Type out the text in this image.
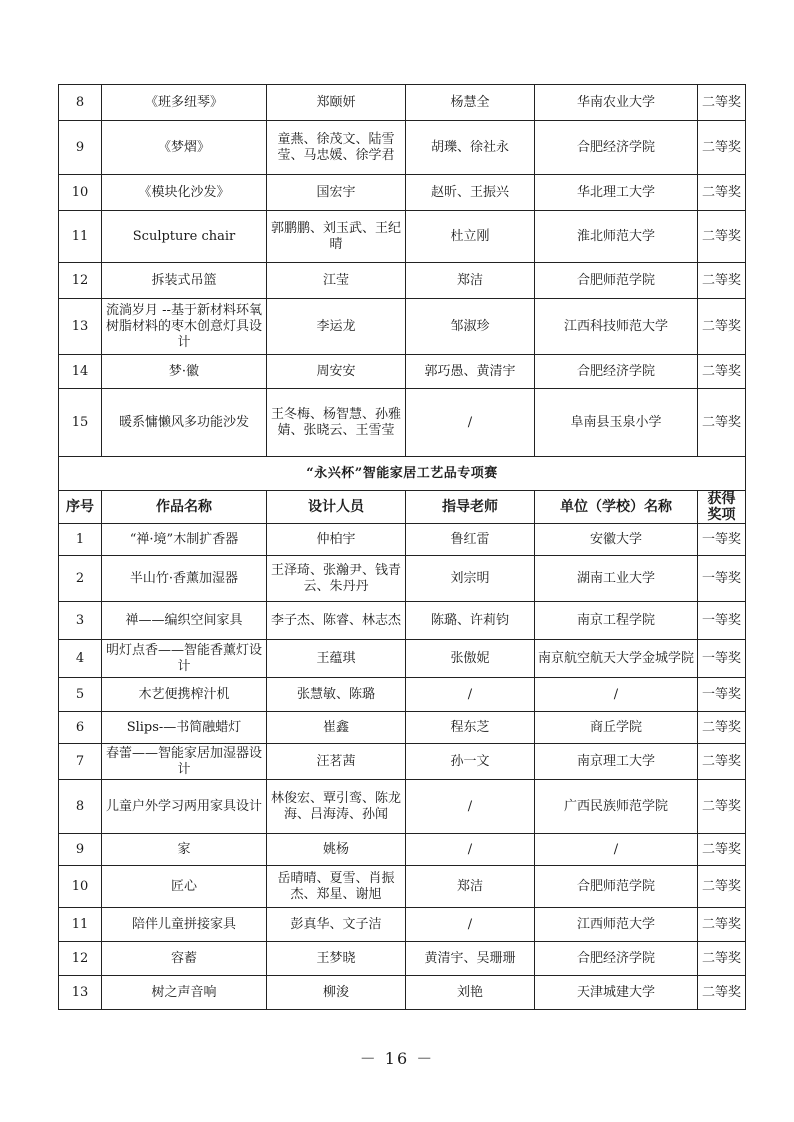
8	《班多纽琴》	郑颐妍	杨慧全	华南农业大学	二等奖
9	《梦熠》	童燕、徐茂文、陆雪莹、马忠媛、徐学君	胡瓅、徐社永	合肥经济学院	二等奖
10	《模块化沙发》	国宏宇	赵昕、王振兴	华北理工大学	二等奖
11	Sculpture chair	郭鹏鹏、刘玉武、王纪晴	杜立刚	淮北师范大学	二等奖
12	拆装式吊篮	江莹	郑洁	合肥师范学院	二等奖
13	流淌岁月 --基于新材料环氧树脂材料的枣木创意灯具设计	李运龙	邹淑珍	江西科技师范大学	二等奖
14	梦·徽	周安安	郭巧愚、黄清宇	合肥经济学院	二等奖
15	暖系慵懒风多功能沙发	王冬梅、杨智慧、孙雅婧、张晓云、王雪莹	/	阜南县玉泉小学	二等奖
“永兴杯”智能家居工艺品专项赛					
序号	作品名称	设计人员	指导老师	单位（学校）名称	获得奖项
1	“禅·境”木制扩香器	仲柏宇	鲁红雷	安徽大学	一等奖
2	半山竹·香薰加湿器	王泽琦、张瀚尹、钱青云、朱丹丹	刘宗明	湖南工业大学	一等奖
3	禅——编织空间家具	李子杰、陈睿、林志杰	陈璐、许莉钧	南京工程学院	一等奖
4	明灯点香——智能香薰灯设计	王蕴琪	张傲妮	南京航空航天大学金城学院	一等奖
5	木艺便携榨汁机	张慧敏、陈璐	/	/	一等奖
6	Slips-—书简融蜡灯	崔鑫	程东芝	商丘学院	二等奖
7	春蕾——智能家居加湿器设计	汪茗茜	孙一文	南京理工大学	二等奖
8	儿童户外学习两用家具设计	林俊宏、覃引鸾、陈龙海、吕海涛、孙闻	/	广西民族师范学院	二等奖
9	家	姚杨	/	/	二等奖
10	匠心	岳晴晴、夏雪、肖振杰、郑星、谢旭	郑洁	合肥师范学院	二等奖
11	陪伴儿童拼接家具	彭真华、文子洁	/	江西师范大学	二等奖
12	容蓄	王梦晓	黄清宇、吴珊珊	合肥经济学院	二等奖
13	树之声音响	柳浚	刘艳	天津城建大学	二等奖
－ 16 －
